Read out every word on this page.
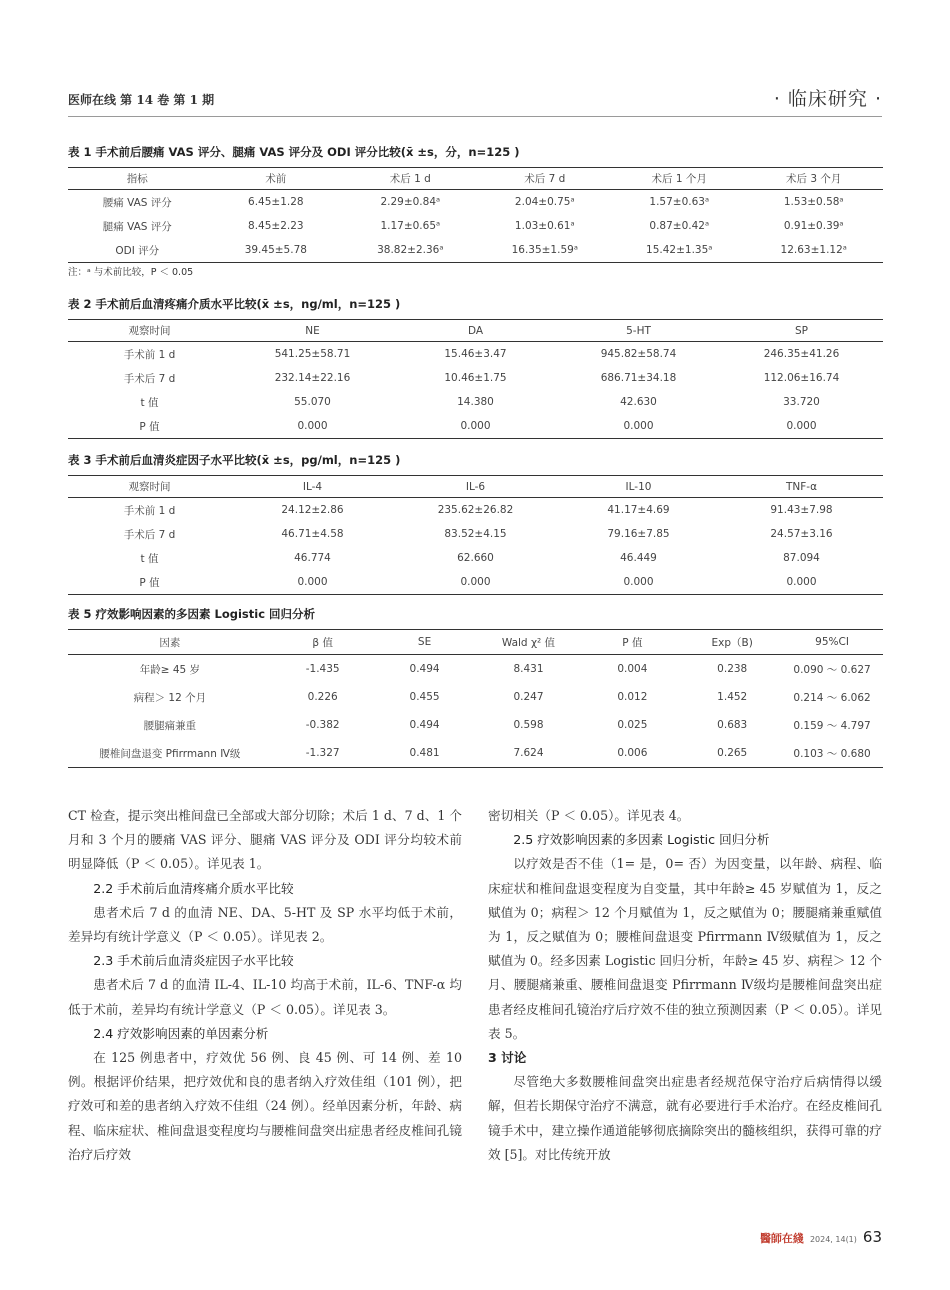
医师在线 第 14 卷 第 1 期	· 临床研究 ·
表 1 手术前后腰痛 VAS 评分、腿痛 VAS 评分及 ODI 评分比较(x̄ ±s，分，n=125 )
指标	术前	术后 1 d	术后 7 d	术后 1 个月	术后 3 个月
腰痛 VAS 评分	6.45±1.28	2.29±0.84ᵃ	2.04±0.75ᵃ	1.57±0.63ᵃ	1.53±0.58ᵃ
腿痛 VAS 评分	8.45±2.23	1.17±0.65ᵃ	1.03±0.61ᵃ	0.87±0.42ᵃ	0.91±0.39ᵃ
ODI 评分	39.45±5.78	38.82±2.36ᵃ	16.35±1.59ᵃ	15.42±1.35ᵃ	12.63±1.12ᵃ
注：ᵃ 与术前比较，P ＜ 0.05
表 2 手术前后血清疼痛介质水平比较(x̄ ±s，ng/ml，n=125 )
观察时间	NE	DA	5-HT	SP
手术前 1 d	541.25±58.71	15.46±3.47	945.82±58.74	246.35±41.26
手术后 7 d	232.14±22.16	10.46±1.75	686.71±34.18	112.06±16.74
t 值	55.070	14.380	42.630	33.720
P 值	0.000	0.000	0.000	0.000
表 3 手术前后血清炎症因子水平比较(x̄ ±s，pg/ml，n=125 )
观察时间	IL-4	IL-6	IL-10	TNF-α
手术前 1 d	24.12±2.86	235.62±26.82	41.17±4.69	91.43±7.98
手术后 7 d	46.71±4.58	83.52±4.15	79.16±7.85	24.57±3.16
t 值	46.774	62.660	46.449	87.094
P 值	0.000	0.000	0.000	0.000
表 5 疗效影响因素的多因素 Logistic 回归分析
因素	β 值	SE	Wald χ² 值	P 值	Exp（B)	95%CI
年龄≥ 45 岁	-1.435	0.494	8.431	0.004	0.238	0.090 ～ 0.627
病程＞ 12 个月	0.226	0.455	0.247	0.012	1.452	0.214 ～ 6.062
腰腿痛兼重	-0.382	0.494	0.598	0.025	0.683	0.159 ～ 4.797
腰椎间盘退变 Pfirrmann Ⅳ级	-1.327	0.481	7.624	0.006	0.265	0.103 ～ 0.680

CT 检查，提示突出椎间盘已全部或大部分切除；术后 1 d、7 d、1 个月和 3 个月的腰痛 VAS 评分、腿痛 VAS 评分及 ODI 评分均较术前明显降低（P ＜ 0.05）。详见表 1。

2.2 手术前后血清疼痛介质水平比较

患者术后 7 d 的血清 NE、DA、5-HT 及 SP 水平均低于术前，差异均有统计学意义（P ＜ 0.05）。详见表 2。

2.3 手术前后血清炎症因子水平比较

患者术后 7 d 的血清 IL-4、IL-10 均高于术前，IL-6、TNF-α 均低于术前，差异均有统计学意义（P ＜ 0.05）。详见表 3。

2.4 疗效影响因素的单因素分析

在 125 例患者中，疗效优 56 例、良 45 例、可 14 例、差 10 例。根据评价结果，把疗效优和良的患者纳入疗效佳组（101 例），把疗效可和差的患者纳入疗效不佳组（24 例）。经单因素分析，年龄、病程、临床症状、椎间盘退变程度均与腰椎间盘突出症患者经皮椎间孔镜治疗后疗效

密切相关（P ＜ 0.05）。详见表 4。

2.5 疗效影响因素的多因素 Logistic 回归分析

以疗效是否不佳（1= 是，0= 否）为因变量，以年龄、病程、临床症状和椎间盘退变程度为自变量，其中年龄≥ 45 岁赋值为 1，反之赋值为 0；病程＞ 12 个月赋值为 1，反之赋值为 0；腰腿痛兼重赋值为 1，反之赋值为 0；腰椎间盘退变 Pfirrmann Ⅳ级赋值为 1，反之赋值为 0。经多因素 Logistic 回归分析，年龄≥ 45 岁、病程＞ 12 个月、腰腿痛兼重、腰椎间盘退变 Pfirrmann Ⅳ级均是腰椎间盘突出症患者经皮椎间孔镜治疗后疗效不佳的独立预测因素（P ＜ 0.05）。详见表 5。

3 讨论

尽管绝大多数腰椎间盘突出症患者经规范保守治疗后病情得以缓解，但若长期保守治疗不满意，就有必要进行手术治疗。在经皮椎间孔镜手术中，建立操作通道能够彻底摘除突出的髓核组织，获得可靠的疗效 [5]。对比传统开放

醫師在綫 2024, 14(1) 63
